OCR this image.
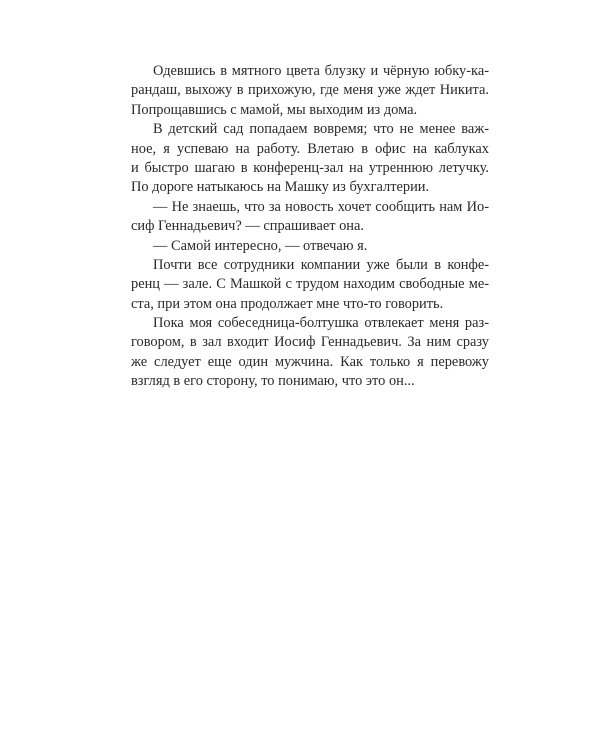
Одевшись в мятного цвета блузку и чёрную юбку-ка-
рандаш, выхожу в прихожую, где меня уже ждет Никита.
Попрощавшись с мамой, мы выходим из дома.
В детский сад попадаем вовремя; что не менее важ-
ное, я успеваю на работу. Влетаю в офис на каблуках
и быстро шагаю в конференц-зал на утреннюю летучку.
По дороге натыкаюсь на Машку из бухгалтерии.
— Не знаешь, что за новость хочет сообщить нам Ио-
сиф Геннадьевич? — спрашивает она.
— Самой интересно, — отвечаю я.
Почти все сотрудники компании уже были в конфе-
ренц — зале. С Машкой с трудом находим свободные ме-
ста, при этом она продолжает мне что-то говорить.
Пока моя собеседница-болтушка отвлекает меня раз-
говором, в зал входит Иосиф Геннадьевич. За ним сразу
же следует еще один мужчина. Как только я перевожу
взгляд в его сторону, то понимаю, что это он...
